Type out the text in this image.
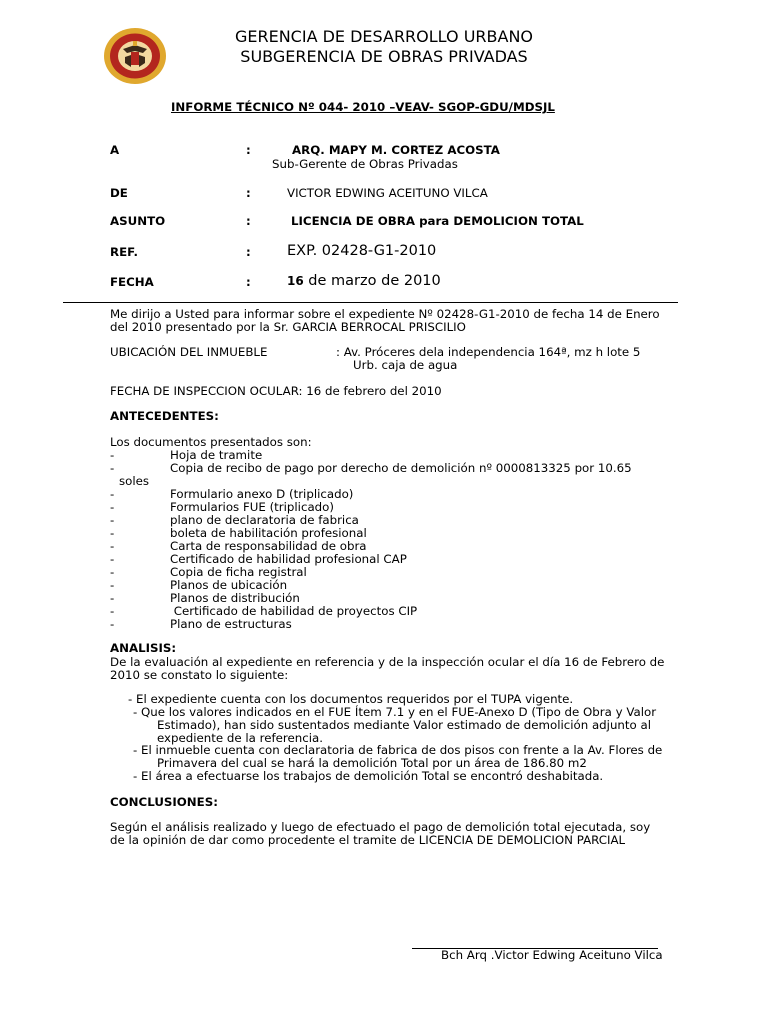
GERENCIA DE DESARROLLO URBANO
SUBGERENCIA DE OBRAS PRIVADAS
INFORME TÉCNICO Nº 044- 2010 –VEAV- SGOP-GDU/MDSJL
A	:	ARQ. MAPY M. CORTEZ ACOSTA
Sub-Gerente de Obras Privadas
DE	:	VICTOR EDWING ACEITUNO VILCA
ASUNTO	:	LICENCIA DE OBRA para DEMOLICION TOTAL
REF.	:	EXP. 02428-G1-2010
FECHA	:	16 de marzo de 2010
Me dirijo a Usted para informar sobre el expediente Nº 02428-G1-2010 de fecha 14 de Enero
del 2010 presentado por la Sr. GARCIA BERROCAL PRISCILIO
UBICACIÓN DEL INMUEBLE	: Av. Próceres dela independencia 164ª, mz h lote 5
Urb. caja de agua
FECHA DE INSPECCION OCULAR: 16 de febrero del 2010
ANTECEDENTES:
Los documentos presentados son:
-	Hoja de tramite
-	Copia de recibo de pago por derecho de demolición nº 0000813325 por 10.65
soles
-	Formulario anexo D (triplicado)
-	Formularios FUE (triplicado)
-	plano de declaratoria de fabrica
-	boleta de habilitación profesional
-	Carta de responsabilidad de obra
-	Certificado de habilidad profesional CAP
-	Copia de ficha registral
-	Planos de ubicación
-	Planos de distribución
-	Certificado de habilidad de proyectos CIP
-	Plano de estructuras
ANALISIS:
De la evaluación al expediente en referencia y de la inspección ocular el día 16 de Febrero de
2010 se constato lo siguiente:
- El expediente cuenta con los documentos requeridos por el TUPA vigente.
- Que los valores indicados en el FUE Ítem 7.1 y en el FUE-Anexo D (Tipo de Obra y Valor
Estimado), han sido sustentados mediante Valor estimado de demolición adjunto al
expediente de la referencia.
- El inmueble cuenta con declaratoria de fabrica de dos pisos con frente a la Av. Flores de
Primavera del cual se hará la demolición Total por un área de 186.80 m2
- El área a efectuarse los trabajos de demolición Total se encontró deshabitada.
CONCLUSIONES:
Según el análisis realizado y luego de efectuado el pago de demolición total ejecutada, soy
de la opinión de dar como procedente el tramite de LICENCIA DE DEMOLICION PARCIAL
Bch Arq .Victor Edwing Aceituno Vilca
